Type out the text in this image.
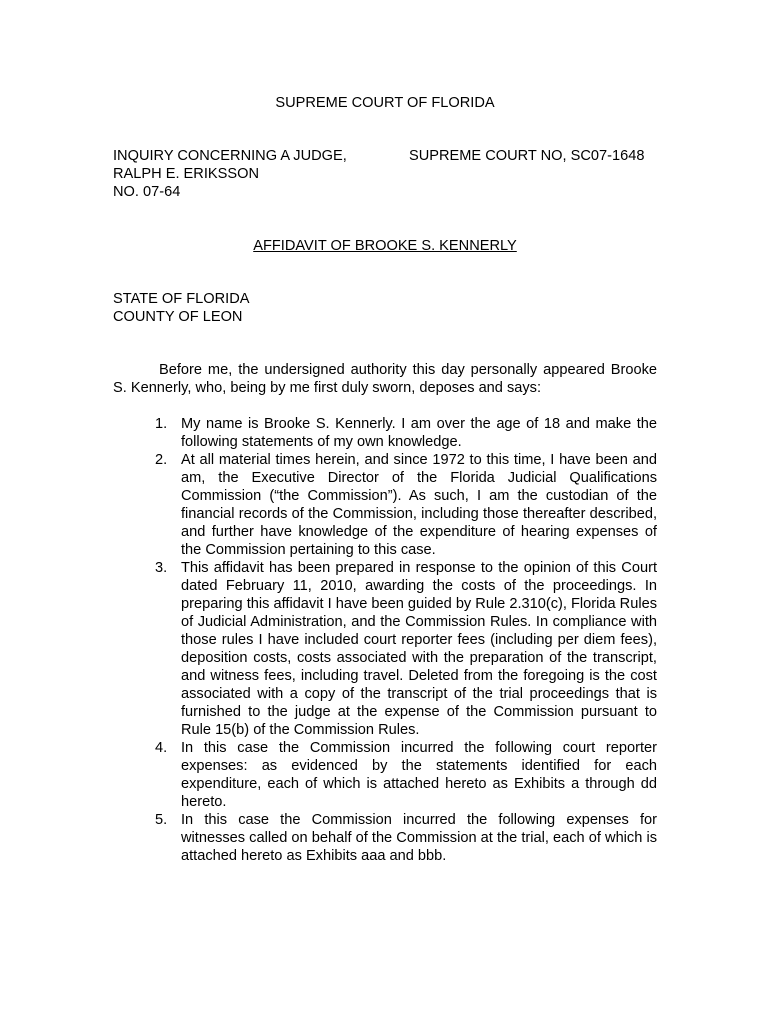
SUPREME COURT OF FLORIDA
INQUIRY CONCERNING A JUDGE,
RALPH E. ERIKSSON
NO. 07-64
SUPREME COURT NO, SC07-1648
AFFIDAVIT OF BROOKE S. KENNERLY
STATE OF FLORIDA
COUNTY OF LEON

Before me, the undersigned authority this day personally appeared Brooke S. Kennerly, who, being by me first duly sworn, deposes and says:

1. My name is Brooke S. Kennerly. I am over the age of 18 and make the following statements of my own knowledge.
2. At all material times herein, and since 1972 to this time, I have been and am, the Executive Director of the Florida Judicial Qualifications Commission (“the Commission”). As such, I am the custodian of the financial records of the Commission, including those thereafter described, and further have knowledge of the expenditure of hearing expenses of the Commission pertaining to this case.
3. This affidavit has been prepared in response to the opinion of this Court dated February 11, 2010, awarding the costs of the proceedings. In preparing this affidavit I have been guided by Rule 2.310(c), Florida Rules of Judicial Administration, and the Commission Rules. In compliance with those rules I have included court reporter fees (including per diem fees), deposition costs, costs associated with the preparation of the transcript, and witness fees, including travel. Deleted from the foregoing is the cost associated with a copy of the transcript of the trial proceedings that is furnished to the judge at the expense of the Commission pursuant to Rule 15(b) of the Commission Rules.
4. In this case the Commission incurred the following court reporter expenses: as evidenced by the statements identified for each expenditure, each of which is attached hereto as Exhibits a through dd hereto.
5. In this case the Commission incurred the following expenses for witnesses called on behalf of the Commission at the trial, each of which is attached hereto as Exhibits aaa and bbb.
